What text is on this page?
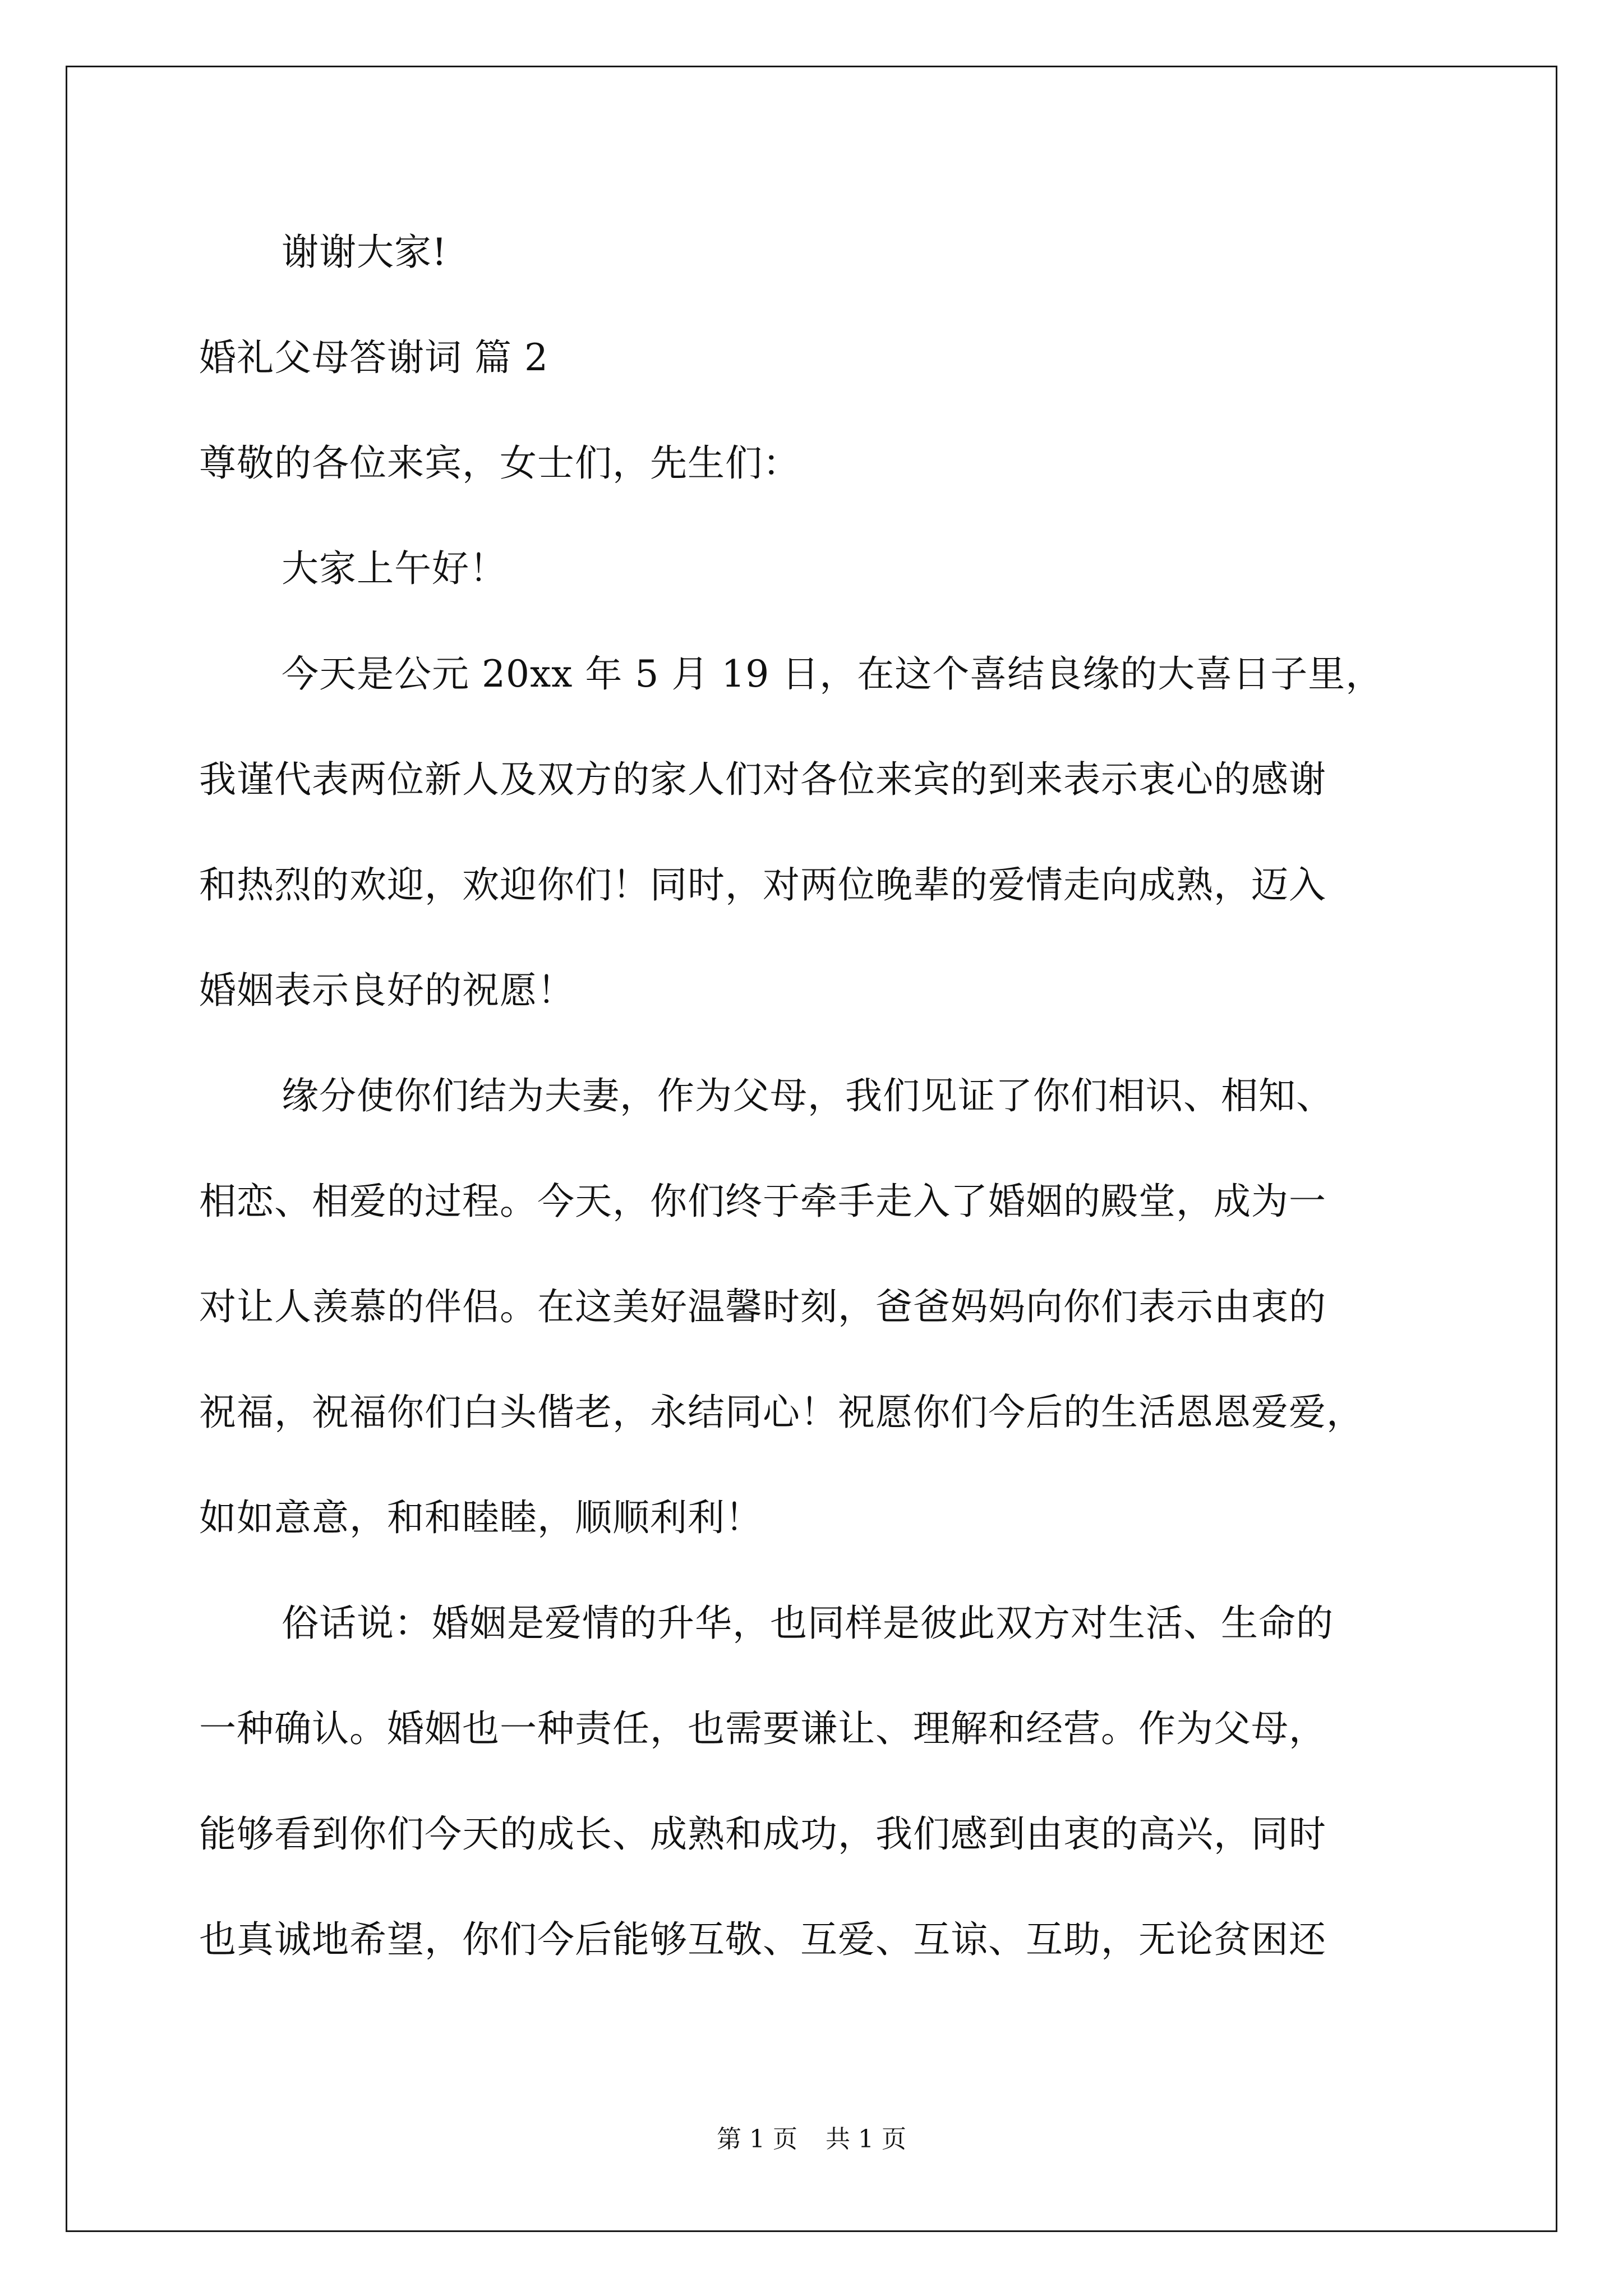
谢谢大家!
婚礼父母答谢词 篇 2
尊敬的各位来宾，女士们，先生们：
大家上午好！
今天是公元 20xx 年 5 月 19 日，在这个喜结良缘的大喜日子里，
我谨代表两位新人及双方的家人们对各位来宾的到来表示衷心的感谢
和热烈的欢迎，欢迎你们！同时，对两位晚辈的爱情走向成熟，迈入
婚姻表示良好的祝愿！
缘分使你们结为夫妻，作为父母，我们见证了你们相识、相知、
相恋、相爱的过程。今天，你们终于牵手走入了婚姻的殿堂，成为一
对让人羡慕的伴侣。在这美好温馨时刻，爸爸妈妈向你们表示由衷的
祝福，祝福你们白头偕老，永结同心！祝愿你们今后的生活恩恩爱爱，
如如意意，和和睦睦，顺顺利利！
俗话说：婚姻是爱情的升华，也同样是彼此双方对生活、生命的
一种确认。婚姻也一种责任，也需要谦让、理解和经营。作为父母，
能够看到你们今天的成长、成熟和成功，我们感到由衷的高兴，同时
也真诚地希望，你们今后能够互敬、互爱、互谅、互助，无论贫困还
第 1 页 共 1 页
